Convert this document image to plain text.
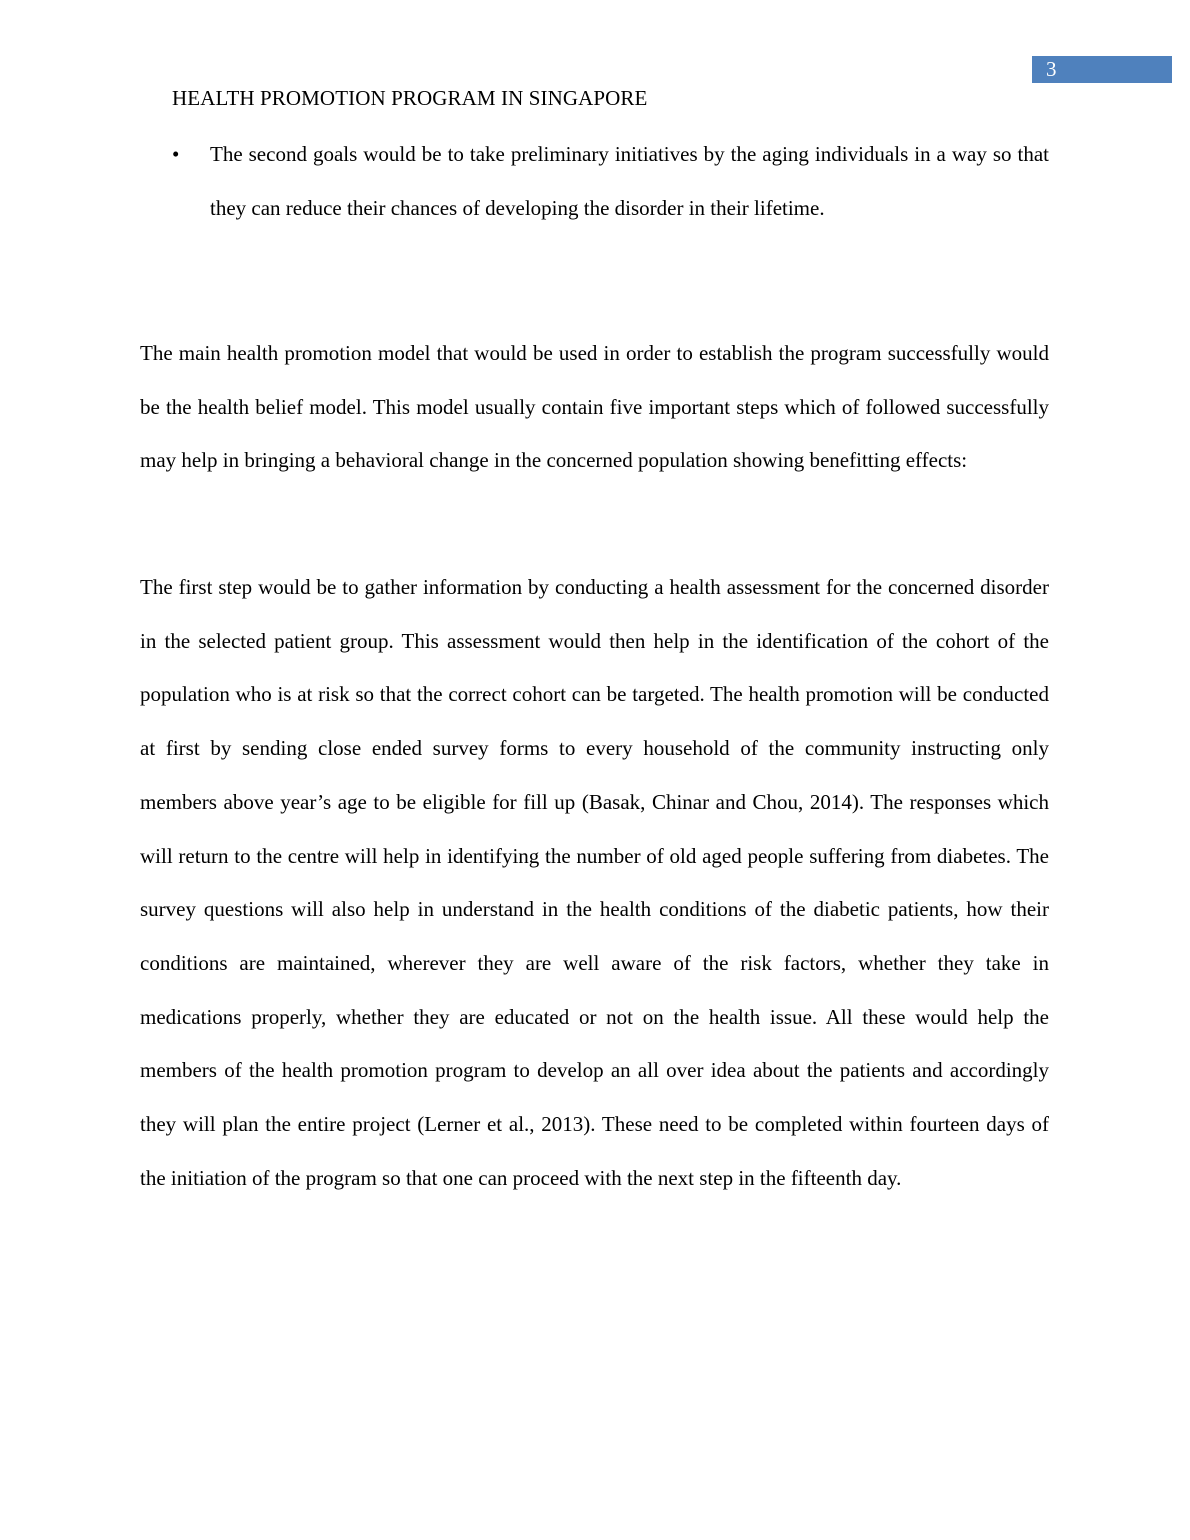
3
HEALTH PROMOTION PROGRAM IN SINGAPORE
• The second goals would be to take preliminary initiatives by the aging individuals in a way so that they can reduce their chances of developing the disorder in their lifetime.

The main health promotion model that would be used in order to establish the program successfully would be the health belief model. This model usually contain five important steps which of followed successfully may help in bringing a behavioral change in the concerned population showing benefitting effects:

The first step would be to gather information by conducting a health assessment for the concerned disorder in the selected patient group. This assessment would then help in the identification of the cohort of the population who is at risk so that the correct cohort can be targeted. The health promotion will be conducted at first by sending close ended survey forms to every household of the community instructing only members above year’s age to be eligible for fill up (Basak, Chinar and Chou, 2014). The responses which will return to the centre will help in identifying the number of old aged people suffering from diabetes. The survey questions will also help in understand in the health conditions of the diabetic patients, how their conditions are maintained, wherever they are well aware of the risk factors, whether they take in medications properly, whether they are educated or not on the health issue. All these would help the members of the health promotion program to develop an all over idea about the patients and accordingly they will plan the entire project (Lerner et al., 2013). These need to be completed within fourteen days of the initiation of the program so that one can proceed with the next step in the fifteenth day.
